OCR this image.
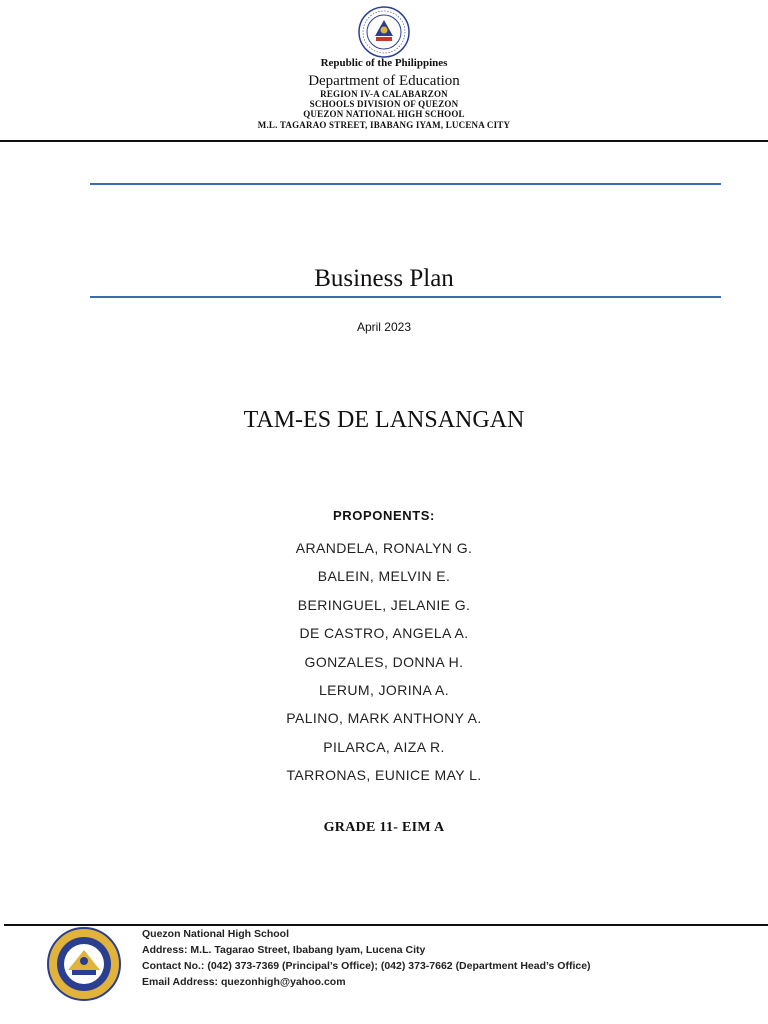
Republic of the Philippines
Department of Education
REGION IV-A CALABARZON
SCHOOLS DIVISION OF QUEZON
QUEZON NATIONAL HIGH SCHOOL
M.L. TAGARAO STREET, IBABANG IYAM, LUCENA CITY
Business Plan
April 2023
TAM-ES DE LANSANGAN
PROPONENTS:
ARANDELA, RONALYN G.
BALEIN, MELVIN E.
BERINGUEL, JELANIE G.
DE CASTRO, ANGELA A.
GONZALES, DONNA H.
LERUM, JORINA A.
PALINO, MARK ANTHONY A.
PILARCA, AIZA R.
TARRONAS, EUNICE MAY L.
GRADE 11- EIM A
Quezon National High School
Address: M.L. Tagarao Street, Ibabang Iyam, Lucena City
Contact No.: (042) 373-7369 (Principal’s Office); (042) 373-7662 (Department Head’s Office)
Email Address: quezonhigh@yahoo.com
